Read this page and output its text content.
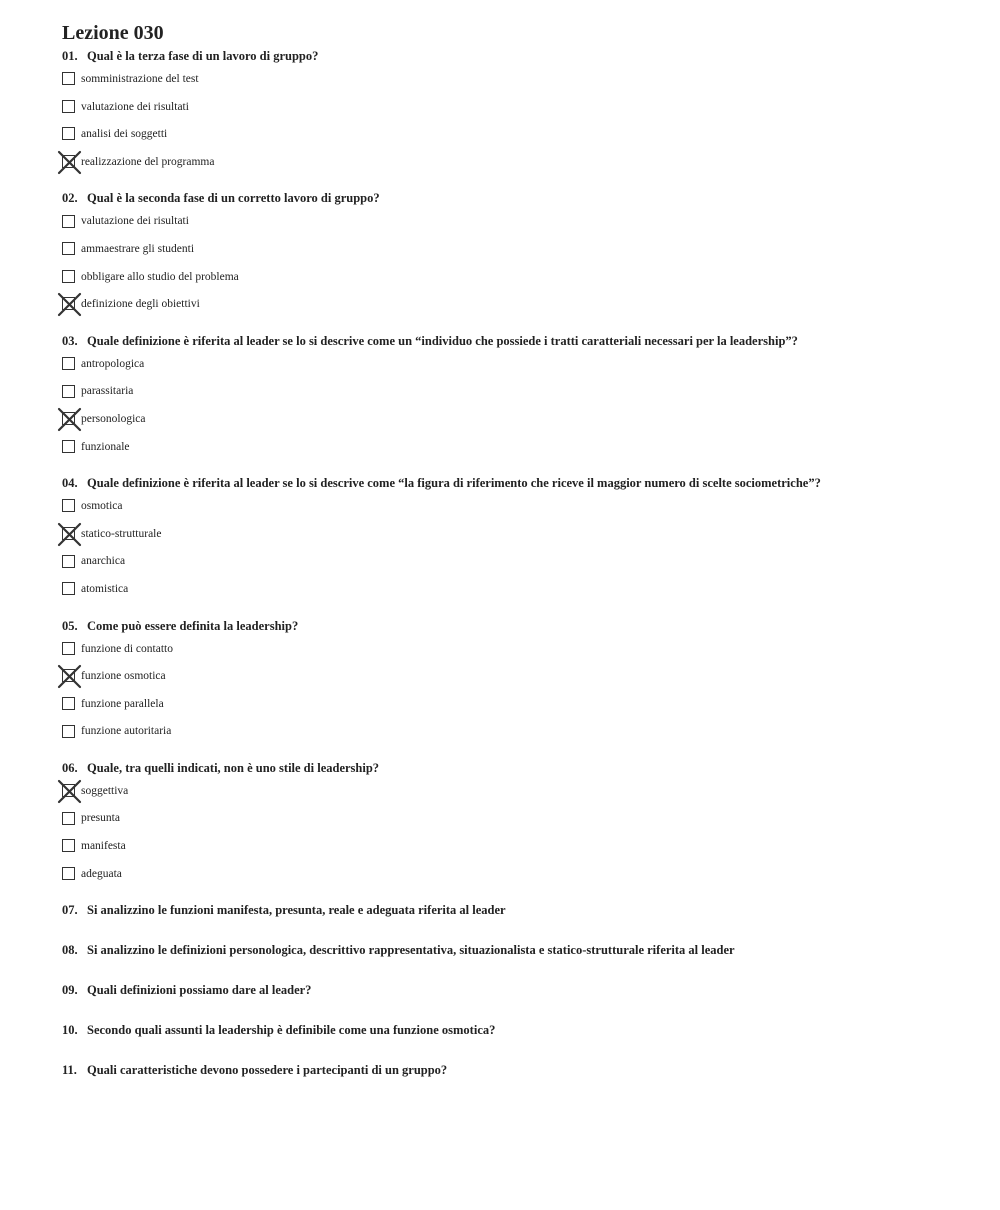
Lezione 030
01. Qual è la terza fase di un lavoro di gruppo?
somministrazione del test
valutazione dei risultati
analisi dei soggetti
realizzazione del programma
02. Qual è la seconda fase di un corretto lavoro di gruppo?
valutazione dei risultati
ammaestrare gli studenti
obbligare allo studio del problema
definizione degli obiettivi
03. Quale definizione è riferita al leader se lo si descrive come un “individuo che possiede i tratti caratteriali necessari per la leadership”?
antropologica
parassitaria
personologica
funzionale
04. Quale definizione è riferita al leader se lo si descrive come “la figura di riferimento che riceve il maggior numero di scelte sociometriche”?
osmotica
statico-strutturale
anarchica
atomistica
05. Come può essere definita la leadership?
funzione di contatto
funzione osmotica
funzione parallela
funzione autoritaria
06. Quale, tra quelli indicati, non è uno stile di leadership?
soggettiva
presunta
manifesta
adeguata
07. Si analizzino le funzioni manifesta, presunta, reale e adeguata riferita al leader
08. Si analizzino le definizioni personologica, descrittivo rappresentativa, situazionalista e statico-strutturale riferita al leader
09. Quali definizioni possiamo dare al leader?
10. Secondo quali assunti la leadership è definibile come una funzione osmotica?
11. Quali caratteristiche devono possedere i partecipanti di un gruppo?
